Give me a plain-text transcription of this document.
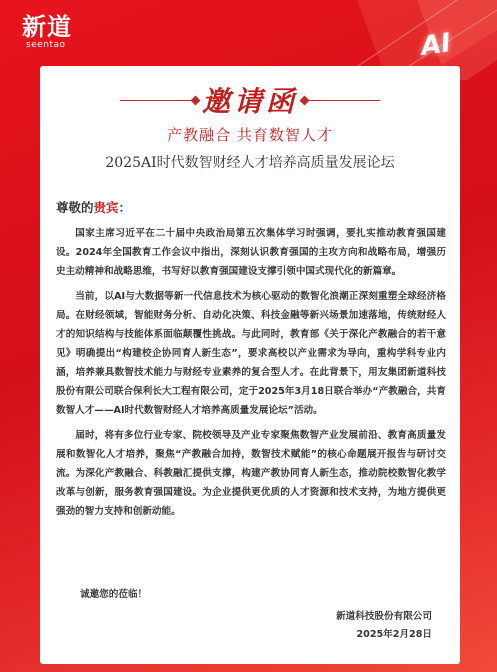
新道
seentao	AI
邀请函
产教融合 共育数智人才
2025AI时代数智财经人才培养高质量发展论坛
尊敬的贵宾：

国家主席习近平在二十届中央政治局第五次集体学习时强调，要扎实推动教育强国建设。2024年全国教育工作会议中指出，深刻认识教育强国的主攻方向和战略布局，增强历史主动精神和战略思维，书写好以教育强国建设支撑引领中国式现代化的新篇章。

当前，以AI与大数据等新一代信息技术为核心驱动的数智化浪潮正深刻重塑全球经济格局。在财经领域，智能财务分析、自动化决策、科技金融等新兴场景加速落地，传统财经人才的知识结构与技能体系面临颠覆性挑战。与此同时，教育部《关于深化产教融合的若干意见》明确提出“构建校企协同育人新生态”，要求高校以产业需求为导向，重构学科专业内涵，培养兼具数智技术能力与财经专业素养的复合型人才。在此背景下，用友集团新道科技股份有限公司联合保利长大工程有限公司，定于2025年3月18日联合举办“产教融合，共育数智人才——AI时代数智财经人才培养高质量发展论坛”活动。

届时，将有多位行业专家、院校领导及产业专家聚焦数智产业发展前沿、教育高质量发展和数智化人才培养，聚焦“产教融合加持，数智技术赋能”的核心命题展开报告与研讨交流。为深化产教融合、科教融汇提供支撑，构建产教协同育人新生态，推动院校数智化教学改革与创新，服务教育强国建设。为企业提供更优质的人才资源和技术支持，为地方提供更强劲的智力支持和创新动能。

诚邀您的莅临！
新道科技股份有限公司
2025年2月28日
